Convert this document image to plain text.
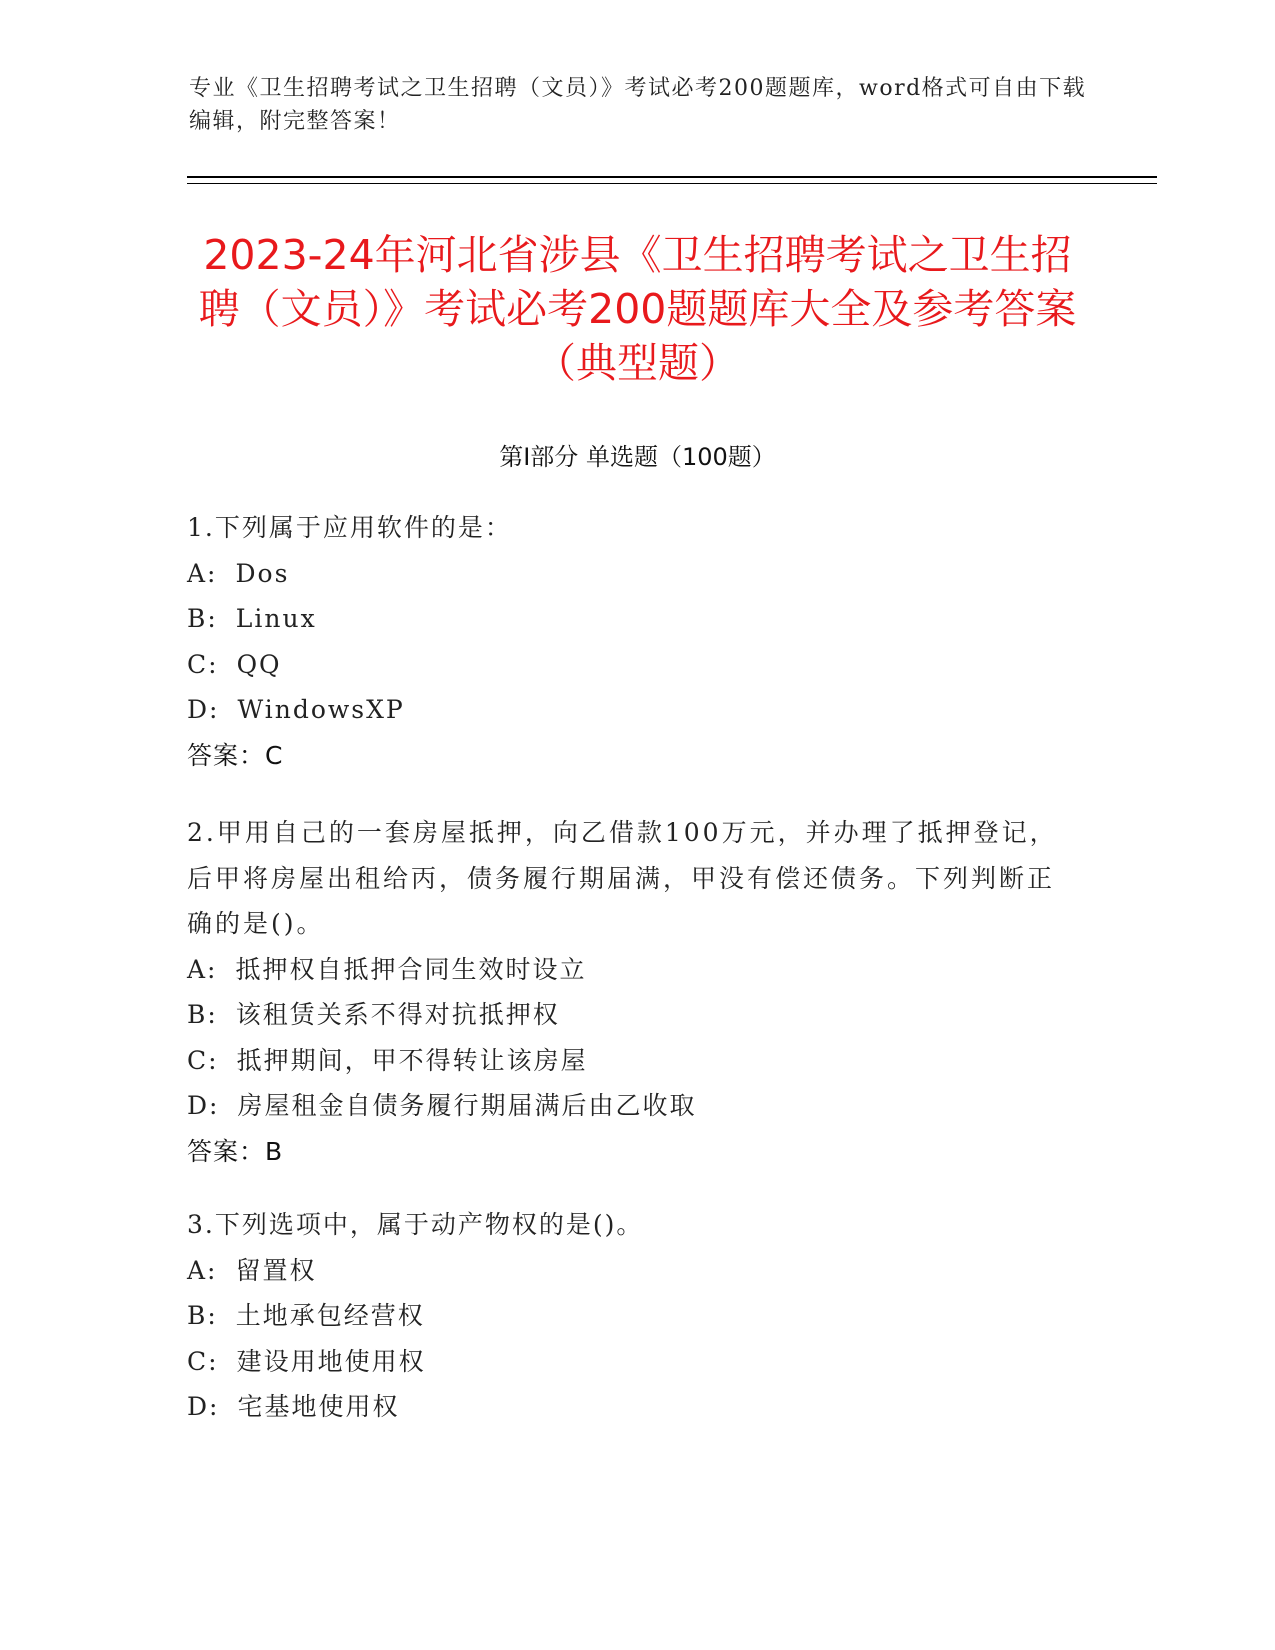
专业《卫生招聘考试之卫生招聘（文员）》考试必考200题题库，word格式可自由下载编辑，附完整答案！
2023-24年河北省涉县《卫生招聘考试之卫生招聘（文员）》考试必考200题题库大全及参考答案（典型题）
第Ⅰ部分 单选题（100题）
1.下列属于应用软件的是：
A: Dos
B: Linux
C: QQ
D: WindowsXP
答案：C
2.甲用自己的一套房屋抵押，向乙借款100万元，并办理了抵押登记，后甲将房屋出租给丙，债务履行期届满，甲没有偿还债务。下列判断正确的是()。
A: 抵押权自抵押合同生效时设立
B: 该租赁关系不得对抗抵押权
C: 抵押期间，甲不得转让该房屋
D: 房屋租金自债务履行期届满后由乙收取
答案：B
3.下列选项中，属于动产物权的是()。
A: 留置权
B: 土地承包经营权
C: 建设用地使用权
D: 宅基地使用权
